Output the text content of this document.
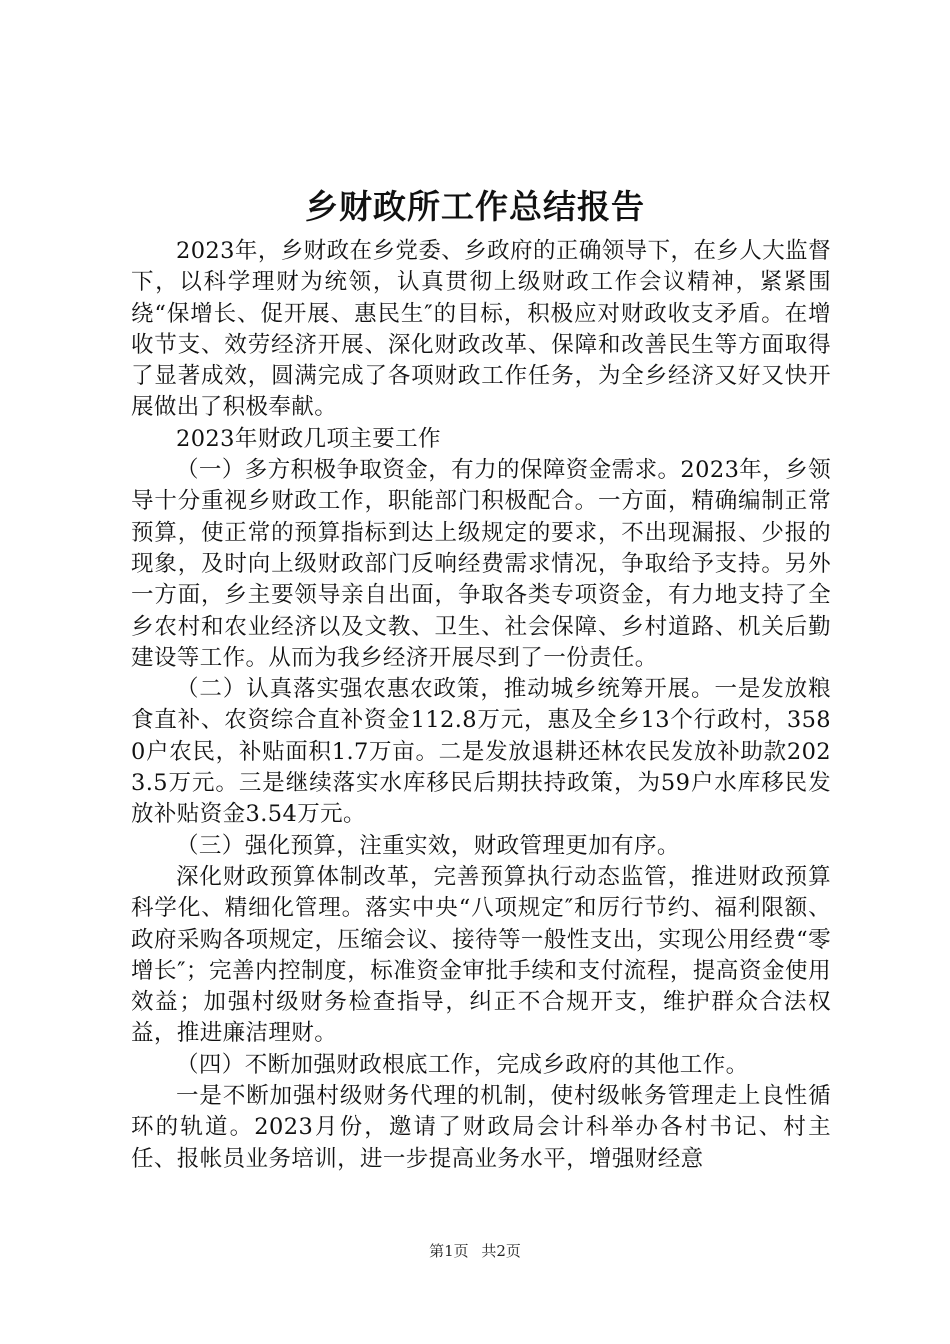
乡财政所工作总结报告

2023年，乡财政在乡党委、乡政府的正确领导下，在乡人大监督下，以科学理财为统领，认真贯彻上级财政工作会议精神，紧紧围绕“保增长、促开展、惠民生″的目标，积极应对财政收支矛盾。在增收节支、效劳经济开展、深化财政改革、保障和改善民生等方面取得了显著成效，圆满完成了各项财政工作任务，为全乡经济又好又快开展做出了积极奉献。

2023年财政几项主要工作

（一）多方积极争取资金，有力的保障资金需求。2023年，乡领导十分重视乡财政工作，职能部门积极配合。一方面，精确编制正常预算，使正常的预算指标到达上级规定的要求，不出现漏报、少报的现象，及时向上级财政部门反响经费需求情况，争取给予支持。另外一方面，乡主要领导亲自出面，争取各类专项资金，有力地支持了全乡农村和农业经济以及文教、卫生、社会保障、乡村道路、机关后勤建设等工作。从而为我乡经济开展尽到了一份责任。

（二）认真落实强农惠农政策，推动城乡统筹开展。一是发放粮食直补、农资综合直补资金112.8万元，惠及全乡13个行政村，3580户农民，补贴面积1.7万亩。二是发放退耕还林农民发放补助款2023.5万元。三是继续落实水库移民后期扶持政策，为59户水库移民发放补贴资金3.54万元。

（三）强化预算，注重实效，财政管理更加有序。

深化财政预算体制改革，完善预算执行动态监管，推进财政预算科学化、精细化管理。落实中央“八项规定″和厉行节约、福利限额、政府采购各项规定，压缩会议、接待等一般性支出，实现公用经费“零增长″；完善内控制度，标准资金审批手续和支付流程，提高资金使用效益；加强村级财务检查指导，纠正不合规开支，维护群众合法权益，推进廉洁理财。

（四）不断加强财政根底工作，完成乡政府的其他工作。

一是不断加强村级财务代理的机制，使村级帐务管理走上良性循环的轨道。2023月份，邀请了财政局会计科举办各村书记、村主任、报帐员业务培训，进一步提高业务水平，增强财经意

第1页 共2页
